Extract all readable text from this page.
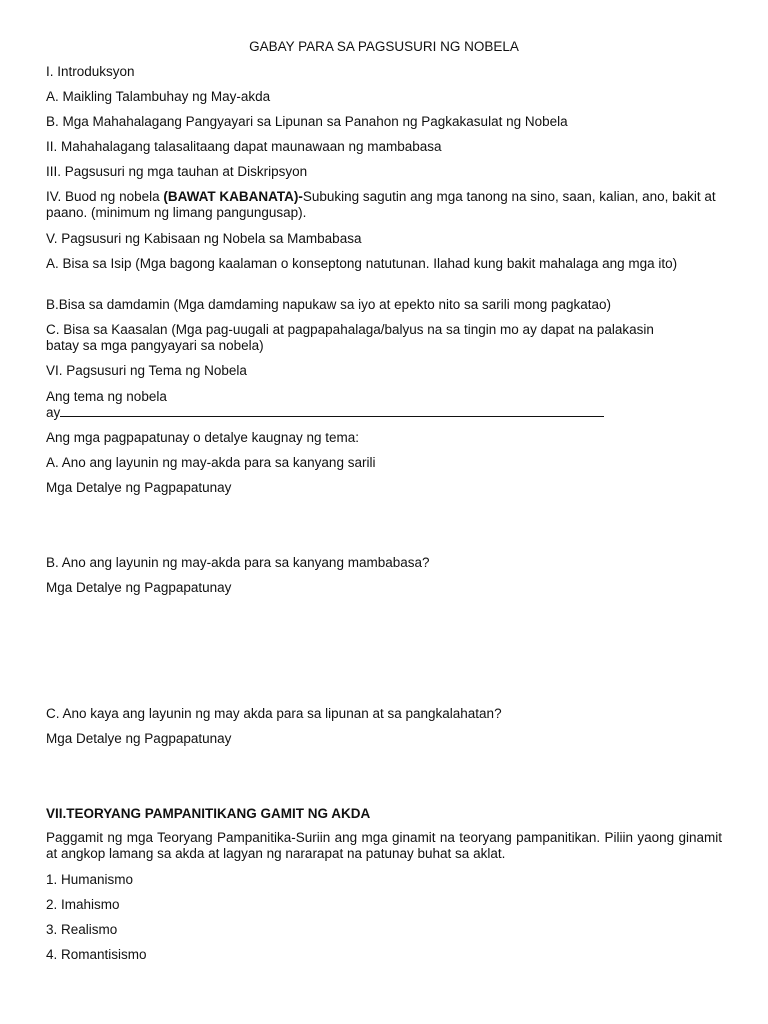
GABAY PARA SA PAGSUSURI NG NOBELA
I. Introduksyon
A. Maikling Talambuhay ng May-akda
B. Mga Mahahalagang Pangyayari sa Lipunan sa Panahon ng Pagkakasulat ng Nobela
II. Mahahalagang talasalitaang dapat maunawaan ng mambabasa
III. Pagsusuri ng mga tauhan at Diskripsyon
IV. Buod ng nobela (BAWAT KABANATA)-Subuking sagutin ang mga tanong na sino, saan, kalian, ano, bakit at paano. (minimum ng limang pangungusap).
V. Pagsusuri ng Kabisaan ng Nobela sa Mambabasa
A. Bisa sa Isip (Mga bagong kaalaman o konseptong natutunan. Ilahad kung bakit mahalaga ang mga ito)
B.Bisa sa damdamin (Mga damdaming napukaw sa iyo at epekto nito sa sarili mong pagkatao)
C. Bisa sa Kaasalan (Mga pag-uugali at pagpapahalaga/balyus na sa tingin mo ay dapat na palakasin batay sa mga pangyayari sa nobela)
VI. Pagsusuri ng Tema ng Nobela
Ang tema ng nobela
ay
Ang mga pagpapatunay o detalye kaugnay ng tema:
A. Ano ang layunin ng may-akda para sa kanyang sarili
Mga Detalye ng Pagpapatunay
B. Ano ang layunin ng may-akda para sa kanyang mambabasa?
Mga Detalye ng Pagpapatunay
C. Ano kaya ang layunin ng may akda para sa lipunan at sa pangkalahatan?
Mga Detalye ng Pagpapatunay
VII.TEORYANG PAMPANITIKANG GAMIT NG AKDA
Paggamit ng mga Teoryang Pampanitika-Suriin ang mga ginamit na teoryang pampanitikan. Piliin yaong ginamit at angkop lamang sa akda at lagyan ng nararapat na patunay buhat sa aklat.
1. Humanismo
2. Imahismo
3. Realismo
4. Romantisismo
